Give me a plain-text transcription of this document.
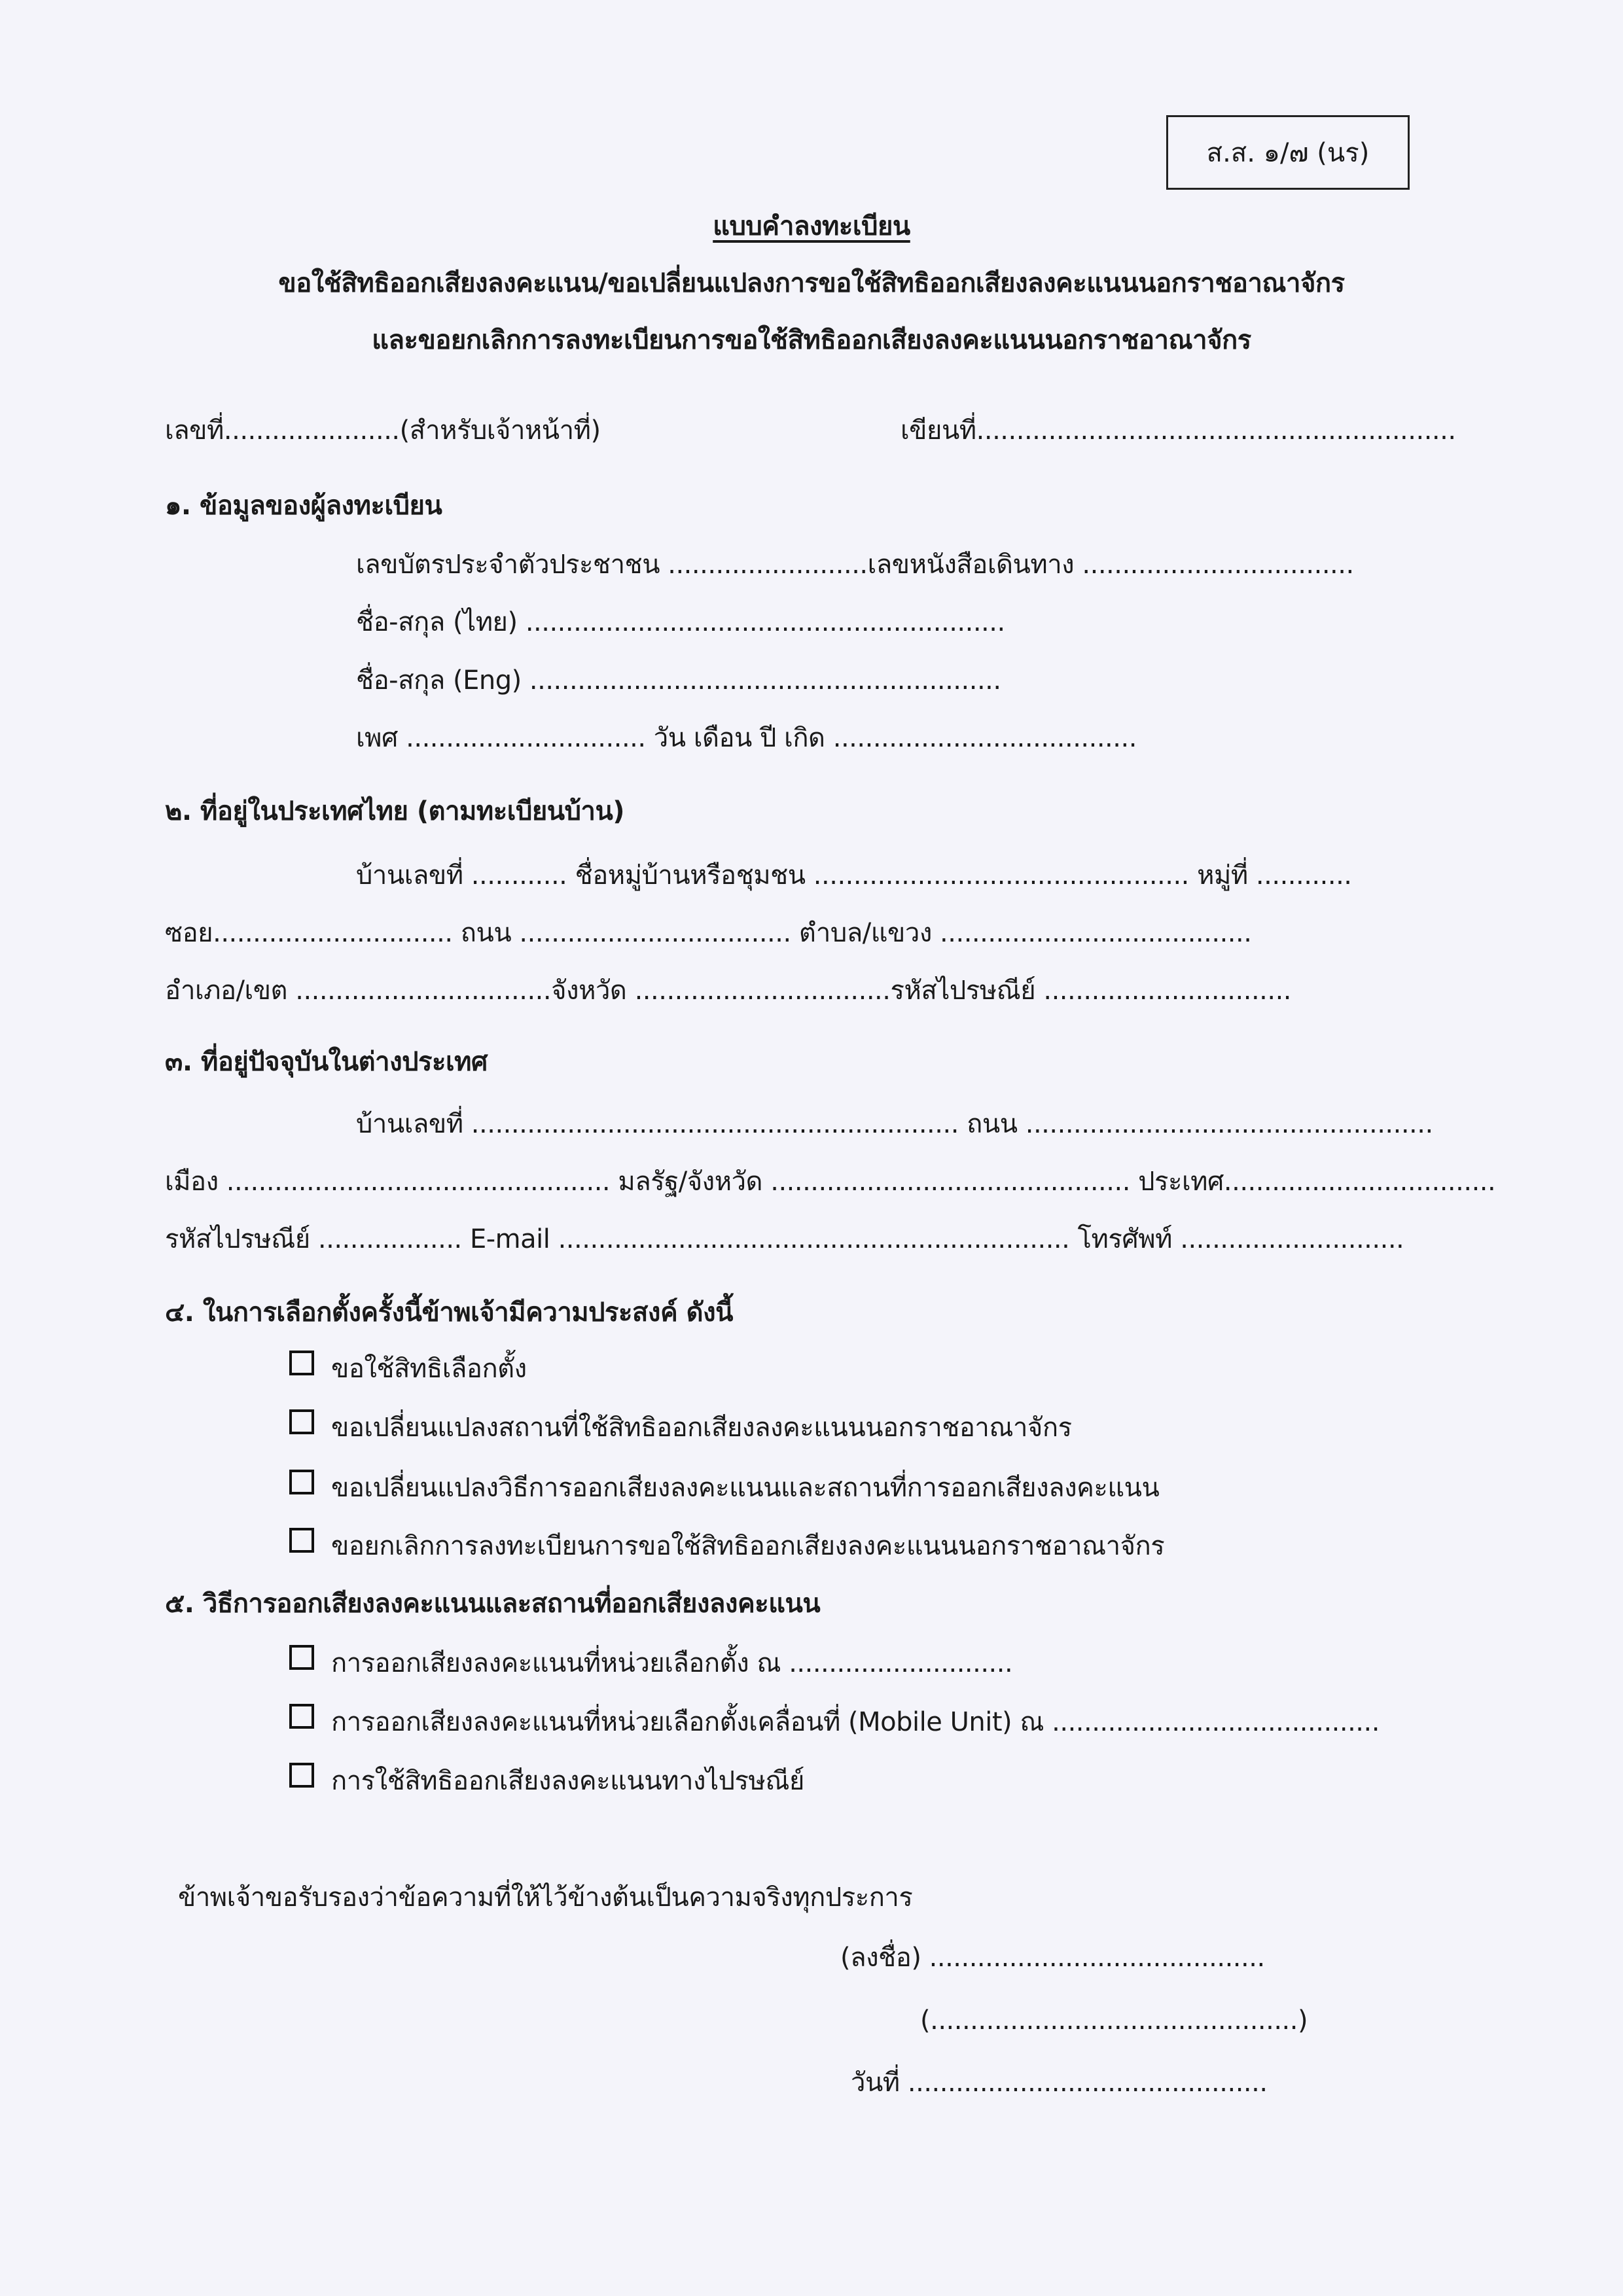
ส.ส. ๑/๗ (นร)
แบบคำลงทะเบียน
ขอใช้สิทธิออกเสียงลงคะแนน/ขอเปลี่ยนแปลงการขอใช้สิทธิออกเสียงลงคะแนนนอกราชอาณาจักร
และขอยกเลิกการลงทะเบียนการขอใช้สิทธิออกเสียงลงคะแนนนอกราชอาณาจักร
เลขที่......................(สำหรับเจ้าหน้าที่)	เขียนที่............................................................
๑. ข้อมูลของผู้ลงทะเบียน
เลขบัตรประจำตัวประชาชน .........................เลขหนังสือเดินทาง ..................................
ชื่อ-สกุล (ไทย) ............................................................
ชื่อ-สกุล (Eng) ...........................................................
เพศ .............................. วัน เดือน ปี เกิด ......................................
๒. ที่อยู่ในประเทศไทย (ตามทะเบียนบ้าน)
บ้านเลขที่ ............ ชื่อหมู่บ้านหรือชุมชน ............................................... หมู่ที่ ............
ซอย.............................. ถนน .................................. ตำบล/แขวง .......................................
อำเภอ/เขต ................................จังหวัด ................................รหัสไปรษณีย์ ...............................
๓. ที่อยู่ปัจจุบันในต่างประเทศ
บ้านเลขที่ ............................................................. ถนน ...................................................
เมือง ................................................ มลรัฐ/จังหวัด ............................................. ประเทศ..................................
รหัสไปรษณีย์ .................. E-mail ................................................................ โทรศัพท์ ............................
๔. ในการเลือกตั้งครั้งนี้ข้าพเจ้ามีความประสงค์ ดังนี้
ขอใช้สิทธิเลือกตั้ง
ขอเปลี่ยนแปลงสถานที่ใช้สิทธิออกเสียงลงคะแนนนอกราชอาณาจักร
ขอเปลี่ยนแปลงวิธีการออกเสียงลงคะแนนและสถานที่การออกเสียงลงคะแนน
ขอยกเลิกการลงทะเบียนการขอใช้สิทธิออกเสียงลงคะแนนนอกราชอาณาจักร
๕. วิธีการออกเสียงลงคะแนนและสถานที่ออกเสียงลงคะแนน
การออกเสียงลงคะแนนที่หน่วยเลือกตั้ง ณ ............................
การออกเสียงลงคะแนนที่หน่วยเลือกตั้งเคลื่อนที่ (Mobile Unit) ณ .........................................
การใช้สิทธิออกเสียงลงคะแนนทางไปรษณีย์
ข้าพเจ้าขอรับรองว่าข้อความที่ให้ไว้ข้างต้นเป็นความจริงทุกประการ
(ลงชื่อ) ..........................................
(..............................................)
วันที่ .............................................
